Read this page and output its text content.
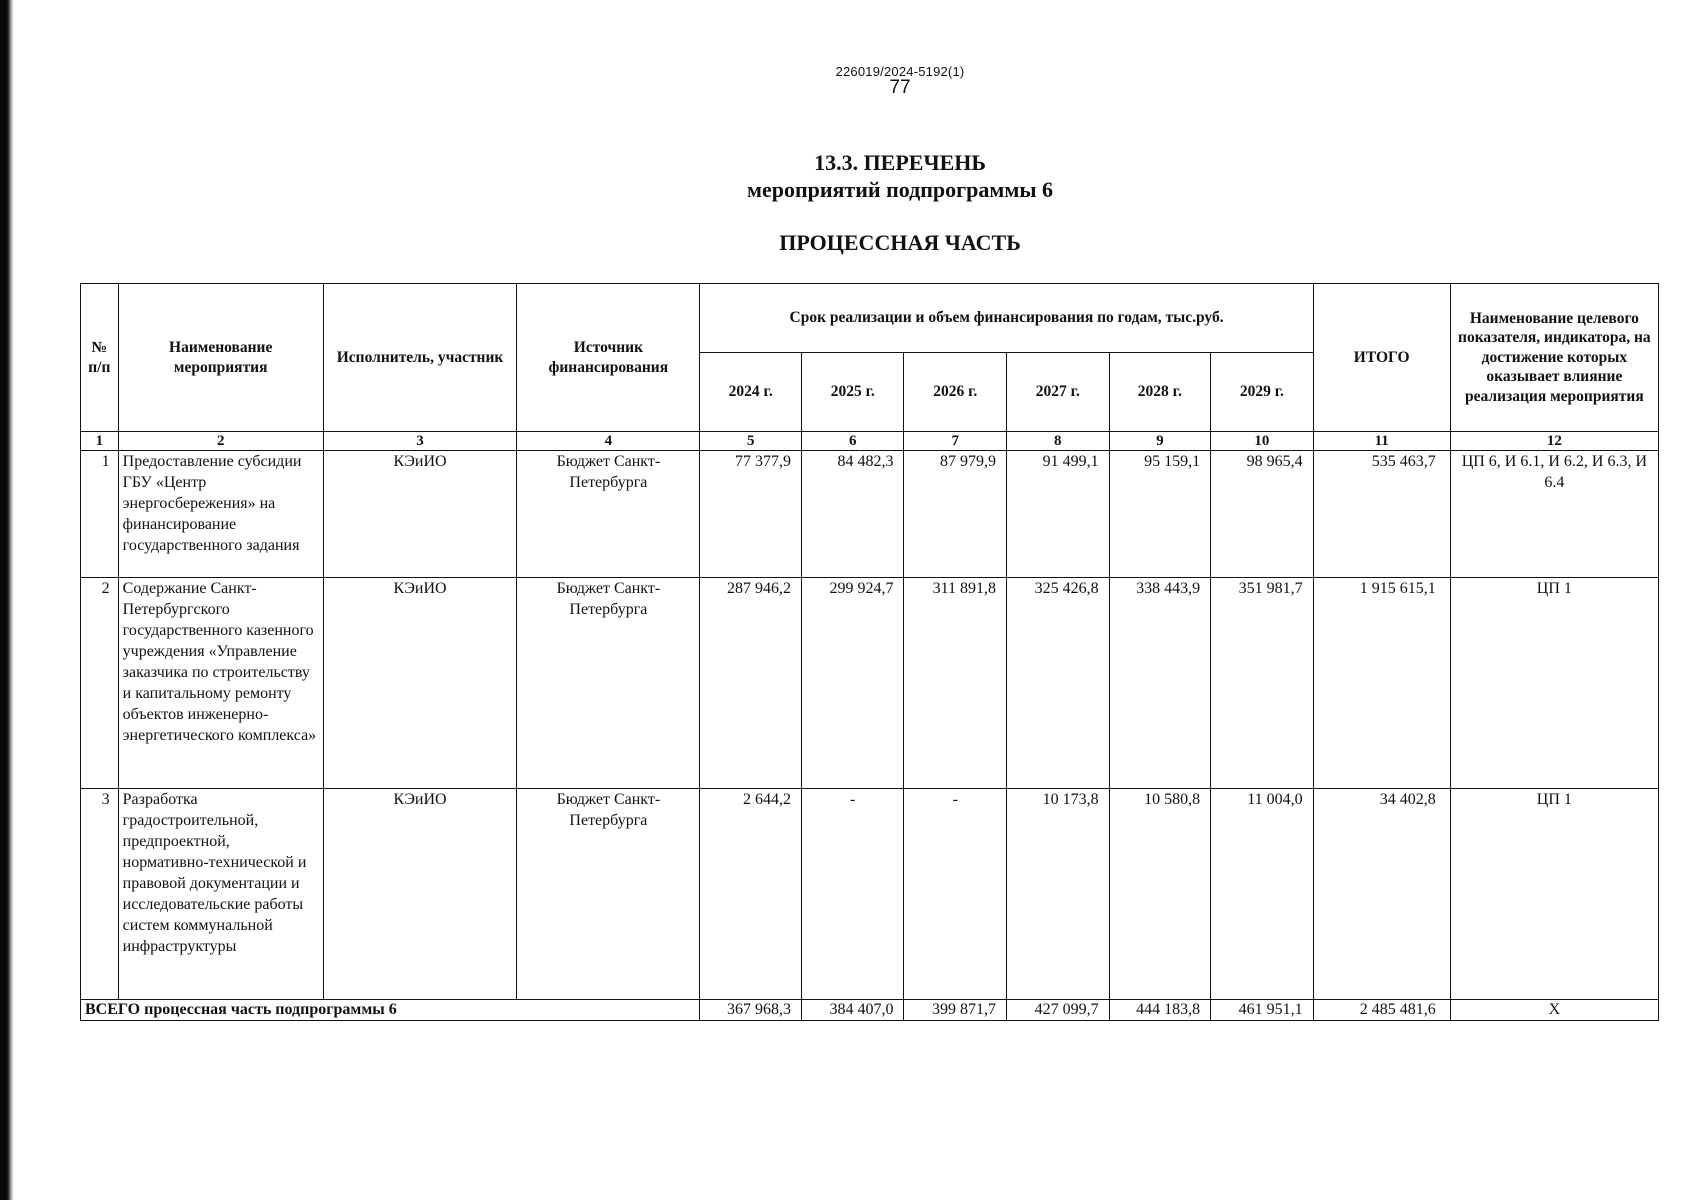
226019/2024-5192(1)
77
13.3. ПЕРЕЧЕНЬ
мероприятий подпрограммы 6
ПРОЦЕССНАЯ ЧАСТЬ
№ п/п	Наименование мероприятия	Исполнитель, участник	Источник финансирования	Срок реализации и объем финансирования по годам, тыс.руб.						ИТОГО	Наименование целевого показателя, индикатора, на достижение которых оказывает влияние реализация мероприятия
				2024 г.	2025 г.	2026 г.	2027 г.	2028 г.	2029 г.		
1	2	3	4	5	6	7	8	9	10	11	12
1	Предоставление субсидии ГБУ «Центр энергосбережения» на финансирование государственного задания	КЭиИО	Бюджет Санкт-Петербурга	77 377,9	84 482,3	87 979,9	91 499,1	95 159,1	98 965,4	535 463,7	ЦП 6, И 6.1, И 6.2, И 6.3, И 6.4
2	Содержание Санкт-Петербургского государственного казенного учреждения «Управление заказчика по строительству и капитальному ремонту объектов инженерно-энергетического комплекса»	КЭиИО	Бюджет Санкт-Петербурга	287 946,2	299 924,7	311 891,8	325 426,8	338 443,9	351 981,7	1 915 615,1	ЦП 1
3	Разработка градостроительной, предпроектной, нормативно-технической и правовой документации и исследовательские работы систем коммунальной инфраструктуры	КЭиИО	Бюджет Санкт-Петербурга	2 644,2	-	-	10 173,8	10 580,8	11 004,0	34 402,8	ЦП 1
ВСЕГО процессная часть подпрограммы 6				367 968,3	384 407,0	399 871,7	427 099,7	444 183,8	461 951,1	2 485 481,6	Х
